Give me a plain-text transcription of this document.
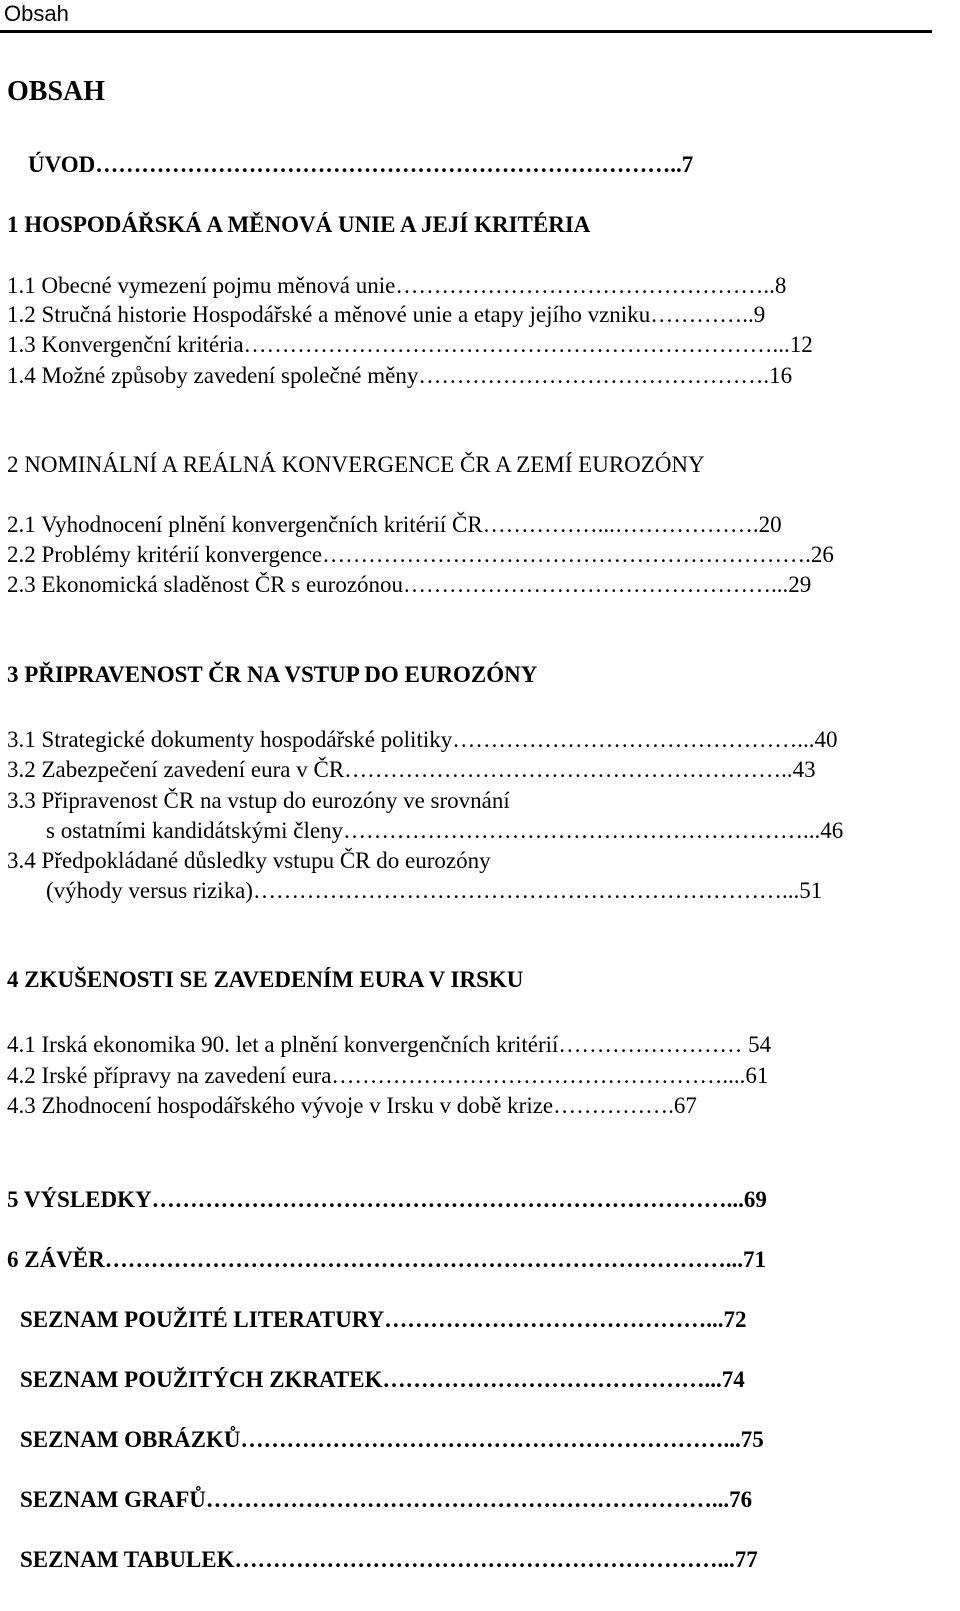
Obsah
OBSAH
ÚVOD…………………………………………………………………..7
1 HOSPODÁŘSKÁ A MĚNOVÁ UNIE A JEJÍ KRITÉRIA
1.1 Obecné vymezení pojmu měnová unie…………………………………………..8
1.2 Stručná historie Hospodářské a měnové unie a etapy jejího vzniku…………..9
1.3 Konvergenční kritéria……………………………………………………………...12
1.4 Možné způsoby zavedení společné měny……………………………………….16
2 NOMINÁLNÍ A REÁLNÁ KONVERGENCE ČR A ZEMÍ EUROZÓNY
2.1 Vyhodnocení plnění konvergenčních kritérií ČR……………...……………….20
2.2 Problémy kritérií konvergence……………………………………………………….26
2.3 Ekonomická sladěnost ČR s eurozónou…………………………………………...29
3 PŘIPRAVENOST ČR NA VSTUP DO EUROZÓNY
3.1 Strategické dokumenty hospodářské politiky………………………………………...40
3.2 Zabezpečení zavedení eura v ČR…………………………………………………..43
3.3 Připravenost ČR na vstup do eurozóny ve srovnání
s ostatními kandidátskými členy……………………………………………………...46
3.4 Předpokládané důsledky vstupu ČR do eurozóny
(výhody versus rizika)……………………………………………………………...51
4 ZKUŠENOSTI SE ZAVEDENÍM EURA V IRSKU
4.1 Irská ekonomika 90. let a plnění konvergenčních kritérií…………………… 54
4.2 Irské přípravy na zavedení eura……………………………………………....61
4.3 Zhodnocení hospodářského vývoje v Irsku v době krize…………….67
5 VÝSLEDKY…………………………………………………………………...69
6 ZÁVĚR………………………………………………………………………...71
SEZNAM POUŽITÉ LITERATURY……………………………………...72
SEZNAM POUŽITÝCH ZKRATEK……………………………………...74
SEZNAM OBRÁZKŮ………………………………………………………...75
SEZNAM GRAFŮ…………………………………………………………...76
SEZNAM TABULEK………………………………………………………...77
